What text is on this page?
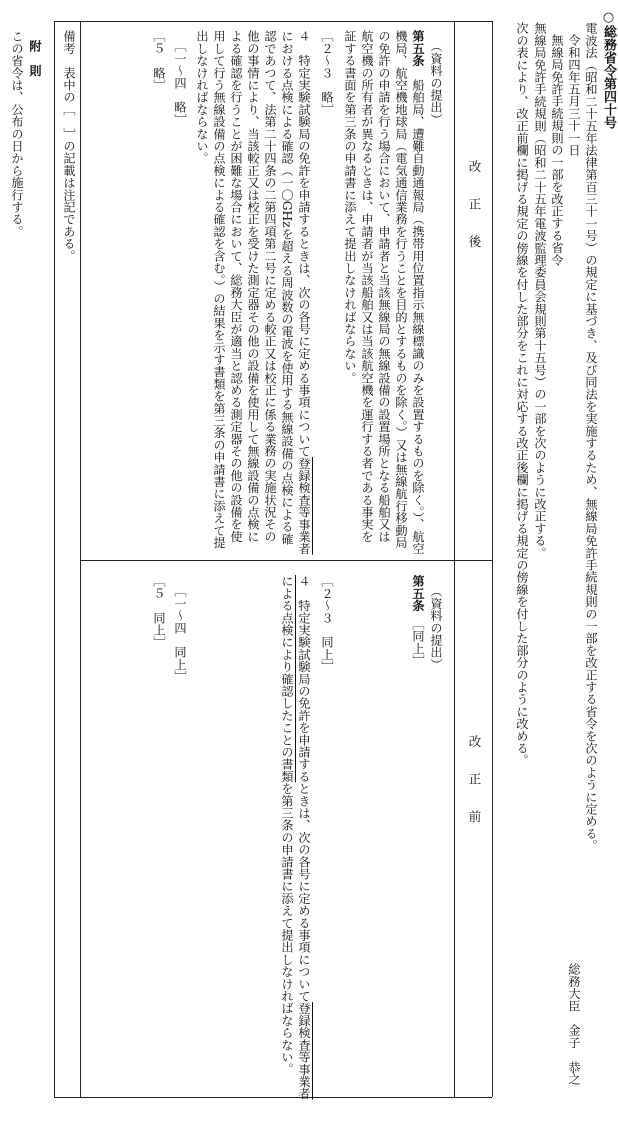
○総務省令第四十号

電波法（昭和二十五年法律第百三十一号）の規定に基づき、及び同法を実施するため、無線局免許手続規則の一部を改正する省令を次のように定める。

令和四年五月三十一日

総務大臣　金子　恭之

無線局免許手続規則の一部を改正する省令

無線局免許手続規則（昭和二十五年電波監理委員会規則第十五号）の一部を次のように改正する。

次の表により、改正前欄に掲げる規定の傍線を付した部分をこれに対応する改正後欄に掲げる規定の傍線を付した部分のように改める。

改　　正　　後

改　　正　　前

（資料の提出）

第五条　船舶局、遭難自動通報局（携帯用位置指示無線標識のみを設置するものを除く。）、航空

機局、航空機地球局（電気通信業務を行うことを目的とするものを除く。）又は無線航行移動局

の免許の申請を行う場合において、申請者と当該無線局の無線設備の設置場所となる船舶又は

航空機の所有者が異なるときは、申請者が当該船舶又は当該航空機を運行する者である事実を

証する書面を第三条の申請書に添えて提出しなければならない。

［２～３　略］

４　特定実験試験局の免許を申請するときは、次の各号に定める事項について登録検査等事業者

における点検による確認（一〇GHzを超える周波数の電波を使用する無線設備の点検による確

認であつて、法第二十四条の二第四項第二号に定める較正又は校正に係る業務の実施状況その

他の事情により、当該較正又は校正を受けた測定器その他の設備を使用して無線設備の点検に

よる確認を行うことが困難な場合において、総務大臣が適当と認める測定器その他の設備を使

用して行う無線設備の点検による確認を含む。）の結果を示す書類を第三条の申請書に添えて提

出しなければならない。

［一～四　略］

［５　略］

（資料の提出）

第五条　［同上］

［２～３　同上］

４　特定実験試験局の免許を申請するときは、次の各号に定める事項について登録検査等事業者

による点検により確認したことの書類を第三条の申請書に添えて提出しなければならない。

［一～四　同上］

［５　同上］

備考　表中の［　］の記載は注記である。

附　則

この省令は、公布の日から施行する。
